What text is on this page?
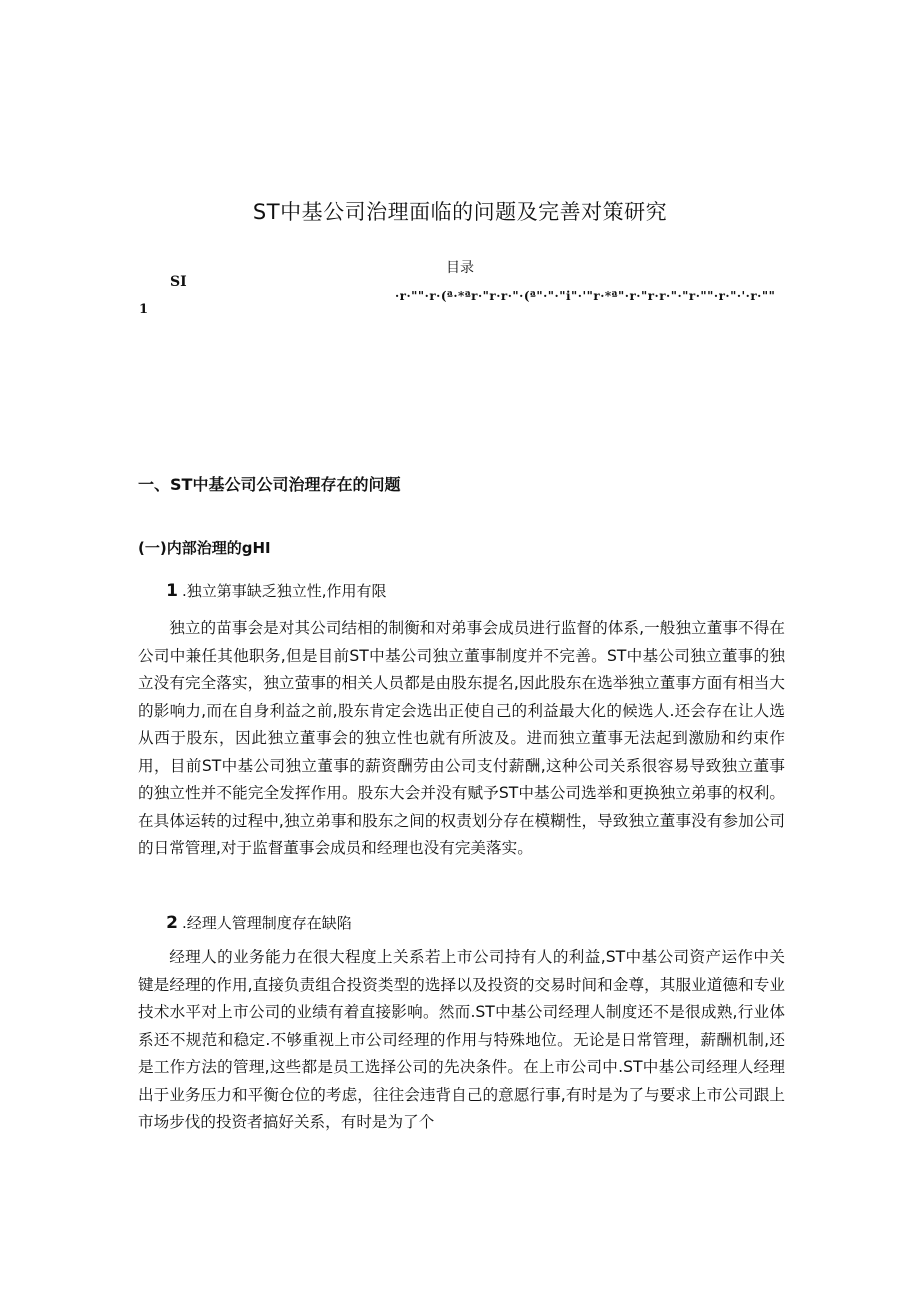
ST中基公司治理面临的问题及完善对策研究
目录
SI
·r·""·r·(ª·*ªr·"r·r·"·(ª"·"·"i"·'"r·*ª"·r·"r·r·"·"r·""·r·"·'·r·""
1
一、ST中基公司公司治理存在的问题
(一)内部治理的gHI
1 .独立第事缺乏独立性,作用有限

独立的苗事会是对其公司结相的制衡和对弟事会成员进行监督的体系,一般独立董事不得在公司中兼任其他职务,但是目前ST中基公司独立董事制度并不完善。ST中基公司独立董事的独立没有完全落实，独立萤事的相关人员都是由股东提名,因此股东在选举独立董事方面有相当大的影响力,而在自身利益之前,股东肯定会选出正使自己的利益最大化的候选人.还会存在让人选从西于股东，因此独立董事会的独立性也就有所波及。进而独立董事无法起到激励和约束作用，目前ST中基公司独立董事的薪资酬劳由公司支付薪酬,这种公司关系很容易导致独立董事的独立性并不能完全发挥作用。股东大会并没有赋予ST中基公司选举和更换独立弟事的权利。在具体运转的过程中,独立弟事和股东之间的权责划分存在模糊性，导致独立董事没有参加公司的日常管理,对于监督董事会成员和经理也没有完美落实。

2 .经理人管理制度存在缺陷

经理人的业务能力在很大程度上关系若上市公司持有人的利益,ST中基公司资产运作中关键是经理的作用,直接负责组合投资类型的选择以及投资的交易时间和金尊，其服业道德和专业技术水平对上市公司的业绩有着直接影响。然而.ST中基公司经理人制度还不是很成熟,行业体系还不规范和稳定.不够重视上市公司经理的作用与特殊地位。无论是日常管理，薪酬机制,还是工作方法的管理,这些都是员工选择公司的先决条件。在上市公司中.ST中基公司经理人经理出于业务压力和平衡仓位的考虑，往往会违背自己的意愿行事,有时是为了与要求上市公司跟上市场步伐的投资者搞好关系，有时是为了个
